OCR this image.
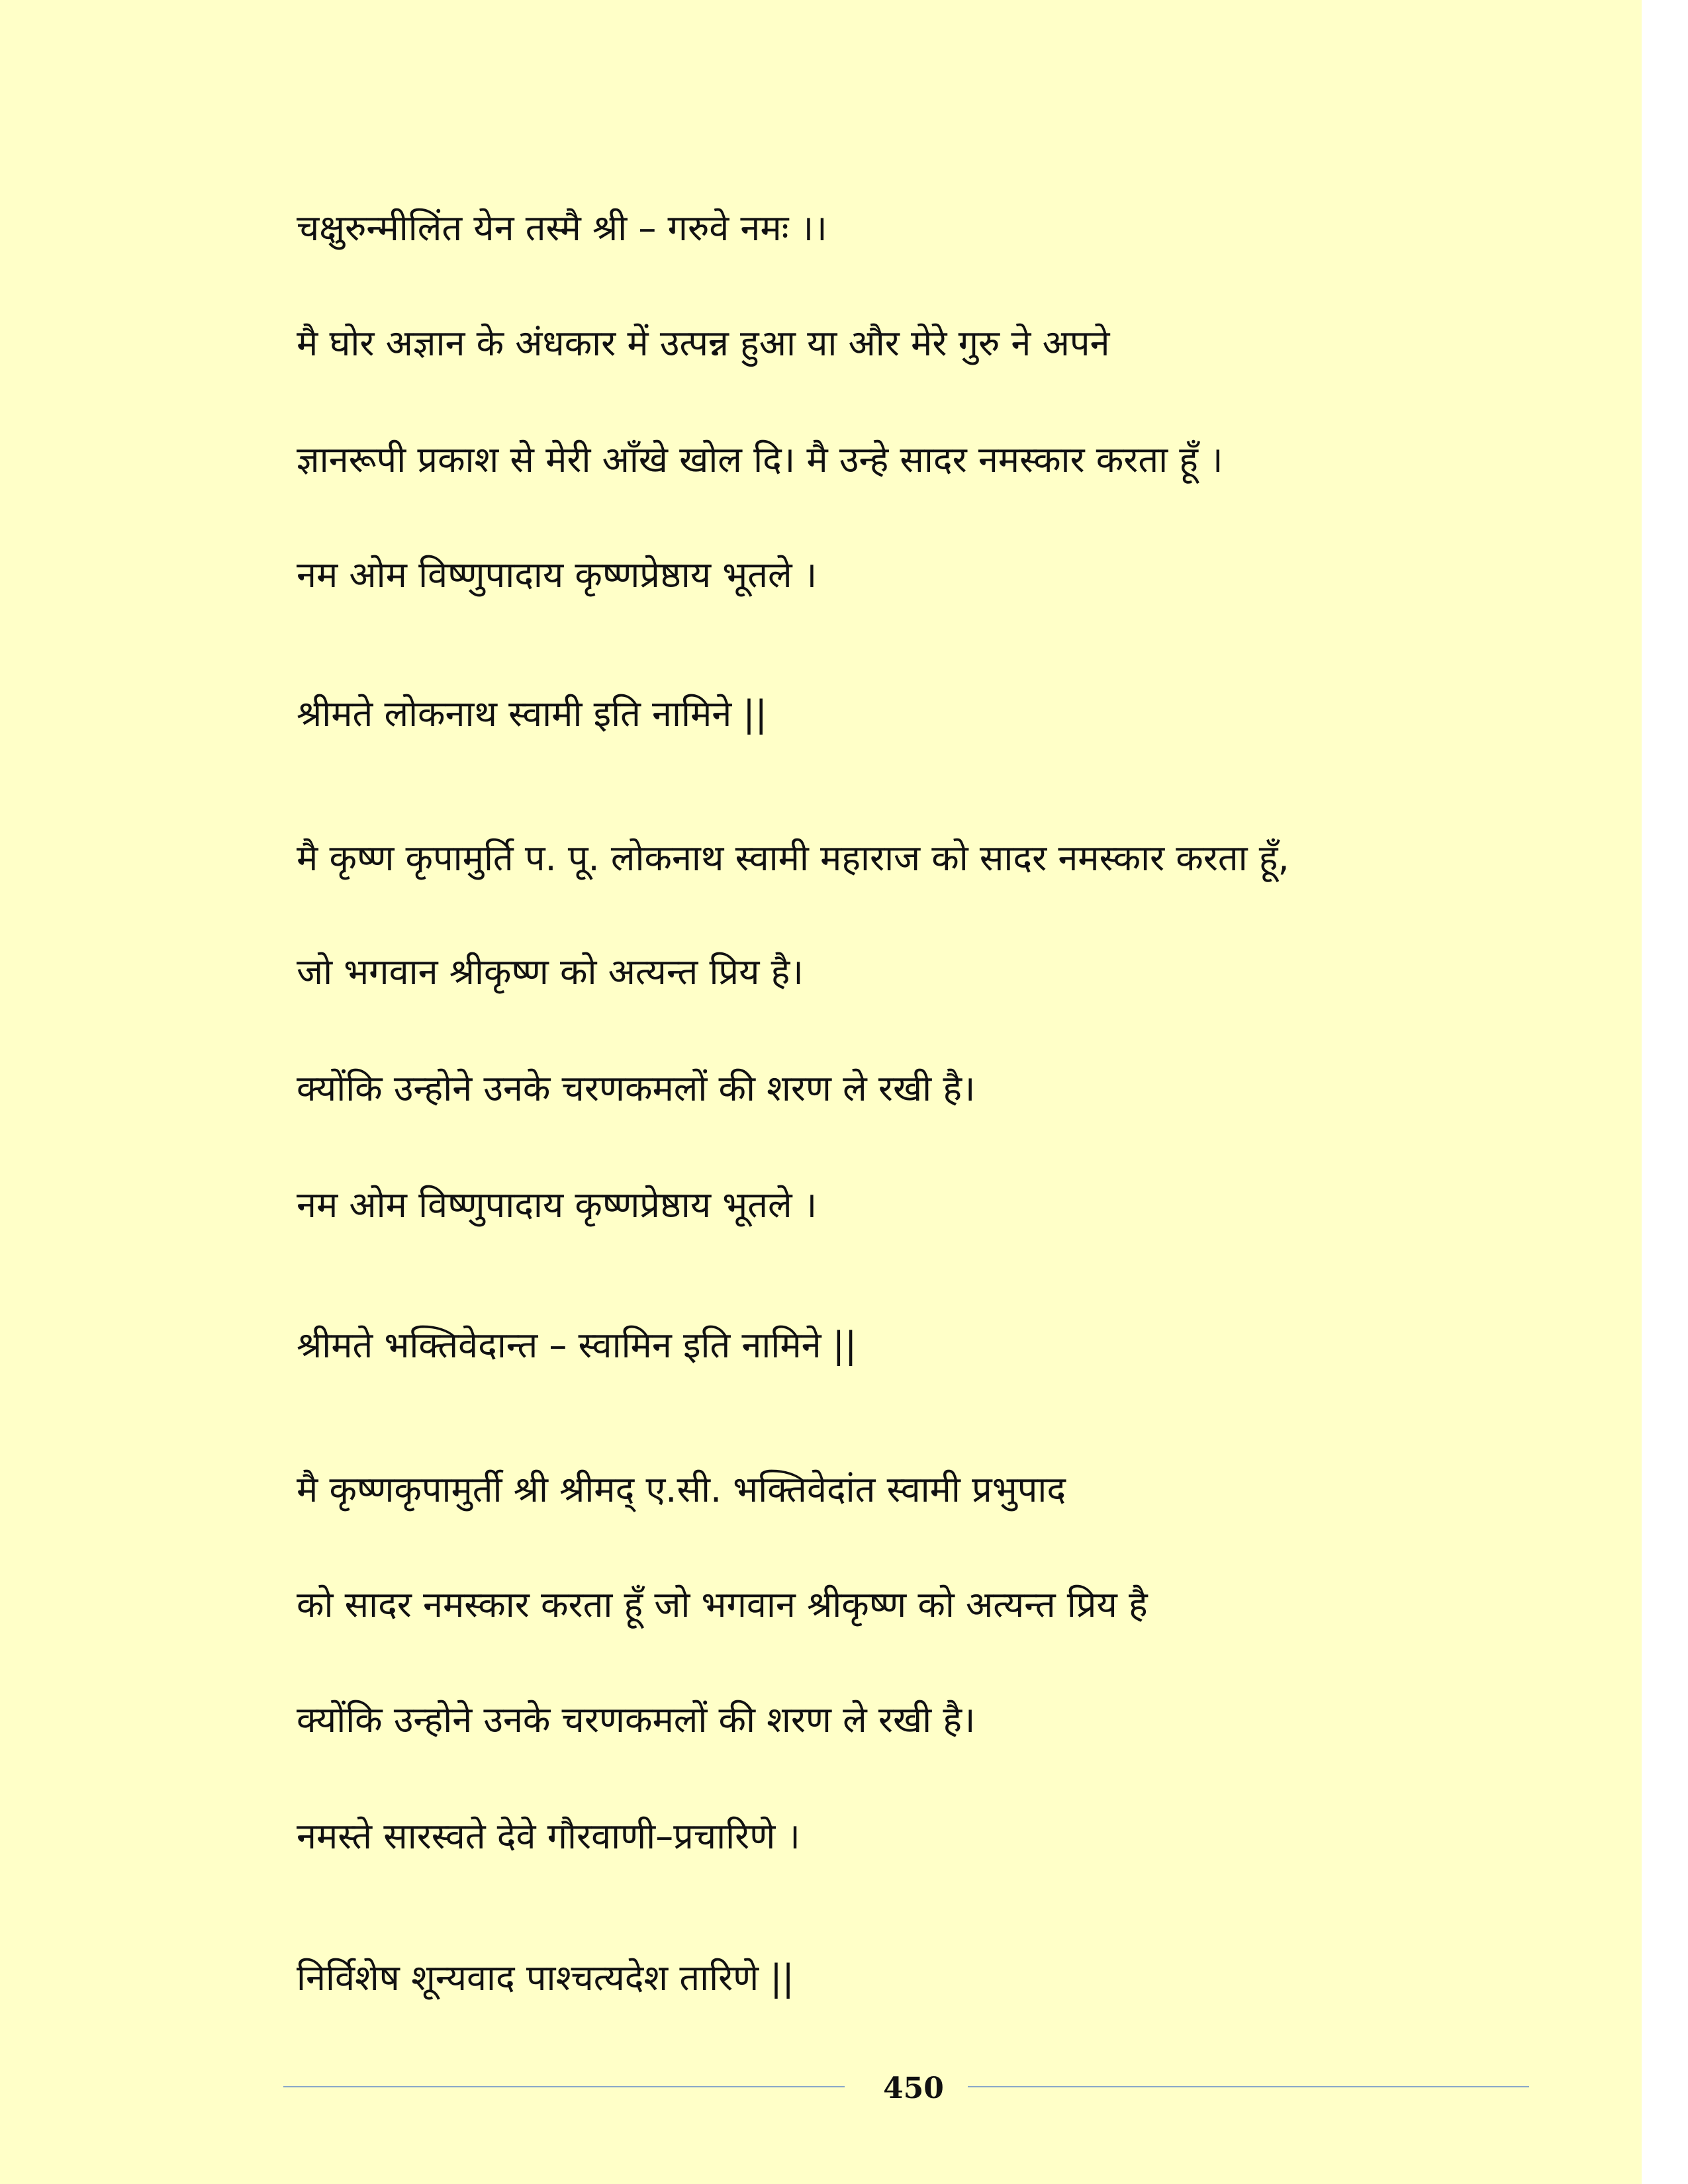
चक्षुरुन्मीलिंत येन तस्मै श्री – गरुवे नमः ।।
मै घोर अज्ञान के अंधकार में उत्पन्न हुआ या और मेरे गुरु ने अपने
ज्ञानरूपी प्रकाश से मेरी आँखे खोल दि। मै उन्हे सादर नमस्कार करता हूँ ।
नम ओम विष्णुपादाय कृष्णप्रेष्ठाय भूतले ।
श्रीमते लोकनाथ स्वामी इति नामिने ||
मै कृष्ण कृपामुर्ति प. पू. लोकनाथ स्वामी महाराज को सादर नमस्कार करता हूँ,
जो भगवान श्रीकृष्ण को अत्यन्त प्रिय है।
क्योंकि उन्होने उनके चरणकमलों की शरण ले रखी है।
नम ओम विष्णुपादाय कृष्णप्रेष्ठाय भूतले ।
श्रीमते भक्तिवेदान्त – स्वामिन इति नामिने ||
मै कृष्णकृपामुर्ती श्री श्रीमद् ए.सी. भक्तिवेदांत स्वामी प्रभुपाद
को सादर नमस्कार करता हूँ जो भगवान श्रीकृष्ण को अत्यन्त प्रिय है
क्योंकि उन्होने उनके चरणकमलों की शरण ले रखी है।
नमस्ते सारस्वते देवे गौरवाणी–प्रचारिणे ।
निर्विशेष शून्यवाद पाश्चत्यदेश तारिणे ||
450
